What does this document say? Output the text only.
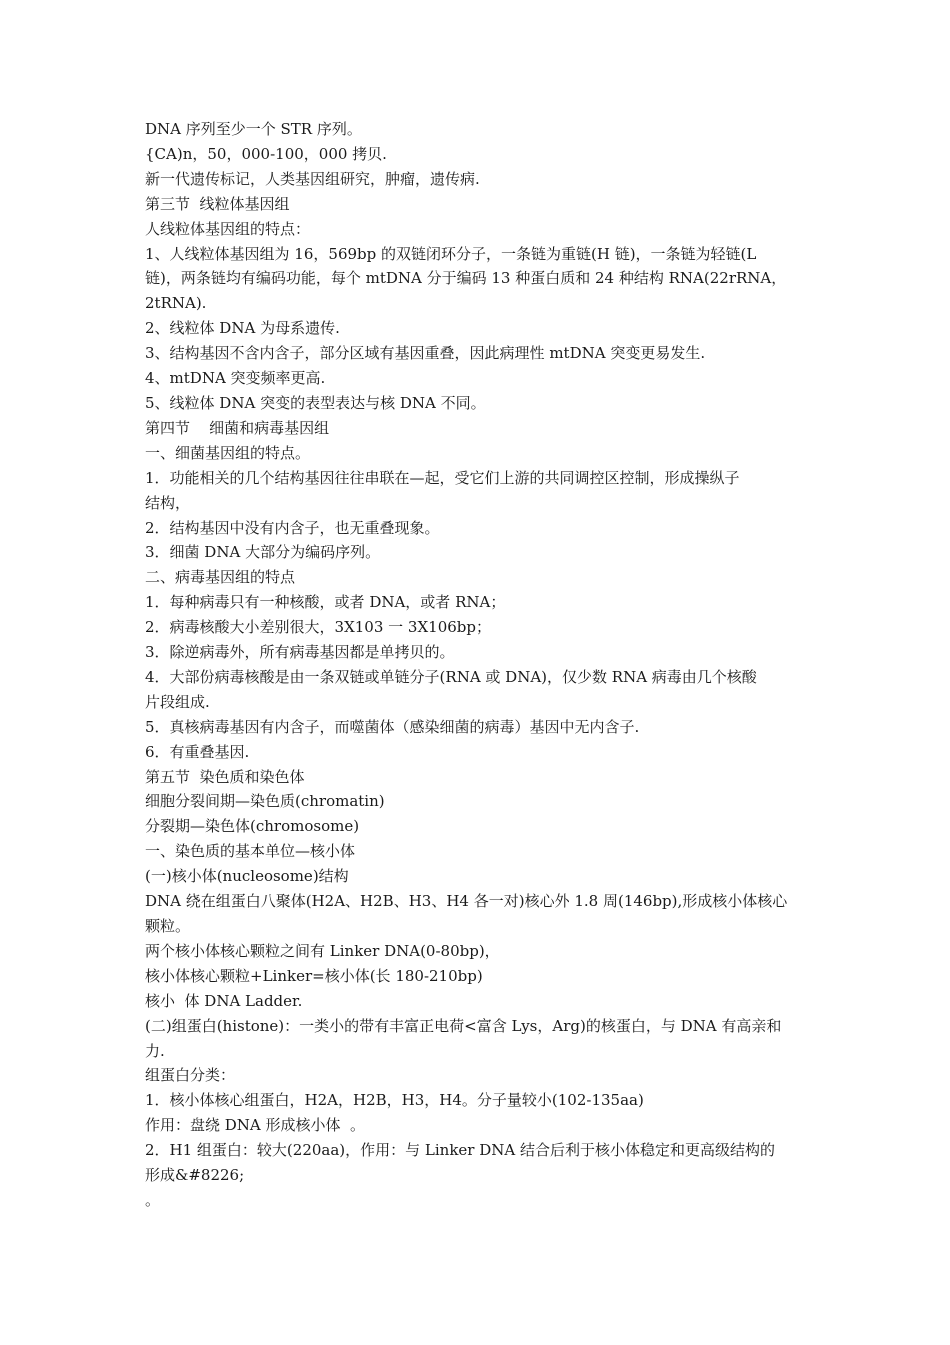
DNA 序列至少一个 STR 序列。
{CA)n，50，000-100，000 拷贝.
新一代遗传标记，人类基因组研究，肿瘤，遗传病.
第三节  线粒体基因组
人线粒体基因组的特点：
1、人线粒体基因组为 16，569bp 的双链闭环分子，一条链为重链(H 链)，一条链为轻链(L
链)，两条链均有编码功能，每个 mtDNA 分于编码 13 种蛋白质和 24 种结构 RNA(22rRNA，
2tRNA).
2、线粒体 DNA 为母系遗传.
3、结构基因不含内含子，部分区域有基因重叠，因此病理性 mtDNA 突变更易发生.
4、mtDNA 突变频率更高.
5、线粒体 DNA 突变的表型表达与核 DNA 不同。
第四节    细菌和病毒基因组
一、细菌基因组的特点。
1．功能相关的几个结构基因往往串联在—起，受它们上游的共同调控区控制，形成操纵子
结构，
2．结构基因中没有内含子，也无重叠现象。
3．细菌 DNA 大部分为编码序列。
二、病毒基因组的特点
1．每种病毒只有一种核酸，或者 DNA，或者 RNA；
2．病毒核酸大小差别很大，3X103 一 3X106bp；
3．除逆病毒外，所有病毒基因都是单拷贝的。
4．大部份病毒核酸是由一条双链或单链分子(RNA 或 DNA)，仅少数 RNA 病毒由几个核酸
片段组成.
5．真核病毒基因有内含子，而噬菌体（感染细菌的病毒）基因中无内含子.
6．有重叠基因.
第五节  染色质和染色体
细胞分裂间期—染色质(chromatin)
分裂期—染色体(chromosome)
一、染色质的基本单位—核小体
(一)核小体(nucleosome)结构
DNA 绕在组蛋白八聚体(H2A、H2B、H3、H4 各一对)核心外 1.8 周(146bp),形成核小体核心
颗粒。
两个核小体核心颗粒之间有 Linker DNA(0-80bp)，
核小体核心颗粒+Linker=核小体(长 180-210bp)
核小  体 DNA Ladder.
(二)组蛋白(histone)：一类小的带有丰富正电荷<富含 Lys，Arg)的核蛋白，与 DNA 有高亲和
力.
组蛋白分类：
1．核小体核心组蛋白，H2A，H2B，H3，H4。分子量较小(102-135aa)
作用：盘绕 DNA 形成核小体  。
2．H1 组蛋白：较大(220aa)，作用：与 Linker DNA 结合后利于核小体稳定和更高级结构的
形成&#8226;
。
